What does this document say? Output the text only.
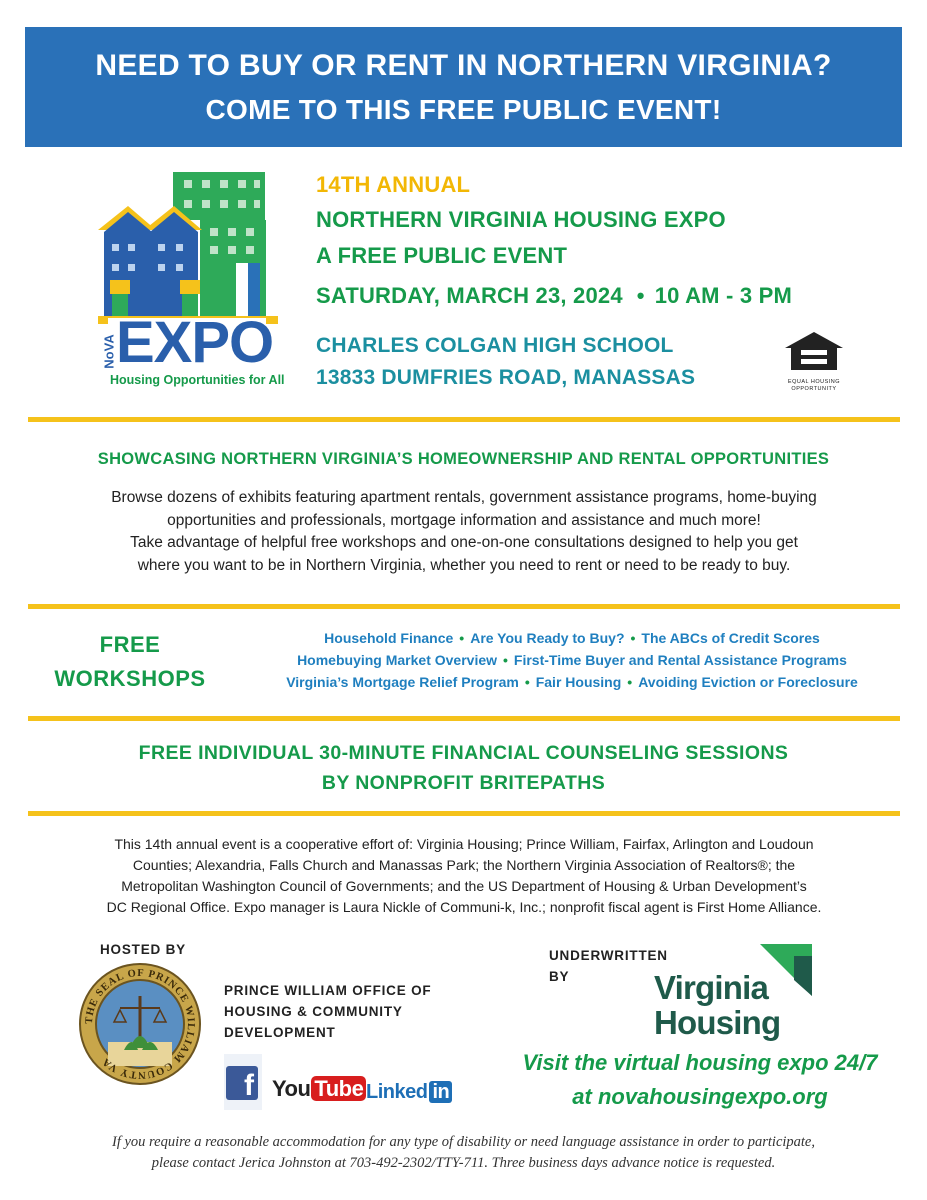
NEED TO BUY OR RENT IN NORTHERN VIRGINIA?
COME TO THIS FREE PUBLIC EVENT!
NoVA EXPO
Housing Opportunities for All
14TH ANNUAL
NORTHERN VIRGINIA HOUSING EXPO
A FREE PUBLIC EVENT
SATURDAY, MARCH 23, 2024 • 10 AM - 3 PM
CHARLES COLGAN HIGH SCHOOL
13833 DUMFRIES ROAD, MANASSAS	EQUAL HOUSING
OPPORTUNITY
SHOWCASING NORTHERN VIRGINIA’S HOMEOWNERSHIP AND RENTAL OPPORTUNITIES
Browse dozens of exhibits featuring apartment rentals, government assistance programs, home-buying
opportunities and professionals, mortgage information and assistance and much more!
Take advantage of helpful free workshops and one-on-one consultations designed to help you get
where you want to be in Northern Virginia, whether you need to rent or need to be ready to buy.
FREE
WORKSHOPS
Household Finance • Are You Ready to Buy? • The ABCs of Credit Scores
Homebuying Market Overview • First-Time Buyer and Rental Assistance Programs
Virginia’s Mortgage Relief Program • Fair Housing • Avoiding Eviction or Foreclosure
FREE INDIVIDUAL 30-MINUTE FINANCIAL COUNSELING SESSIONS
BY NONPROFIT BRITEPATHS
This 14th annual event is a cooperative effort of: Virginia Housing; Prince William, Fairfax, Arlington and Loudoun
Counties; Alexandria, Falls Church and Manassas Park; the Northern Virginia Association of Realtors®; the
Metropolitan Washington Council of Governments; and the US Department of Housing & Urban Development’s
DC Regional Office. Expo manager is Laura Nickle of Communi-k, Inc.; nonprofit fiscal agent is First Home Alliance.
HOSTED BY
THE SEAL OF PRINCE WILLIAM COUNTY VA
PRINCE WILLIAM OFFICE OF
HOUSING & COMMUNITY
DEVELOPMENT
f You Tube Linked in
UNDERWRITTEN
BY	Virginia
Housing
Visit the virtual housing expo 24/7
at novahousingexpo.org
If you require a reasonable accommodation for any type of disability or need language assistance in order to participate,
please contact Jerica Johnston at 703-492-2302/TTY-711. Three business days advance notice is requested.
